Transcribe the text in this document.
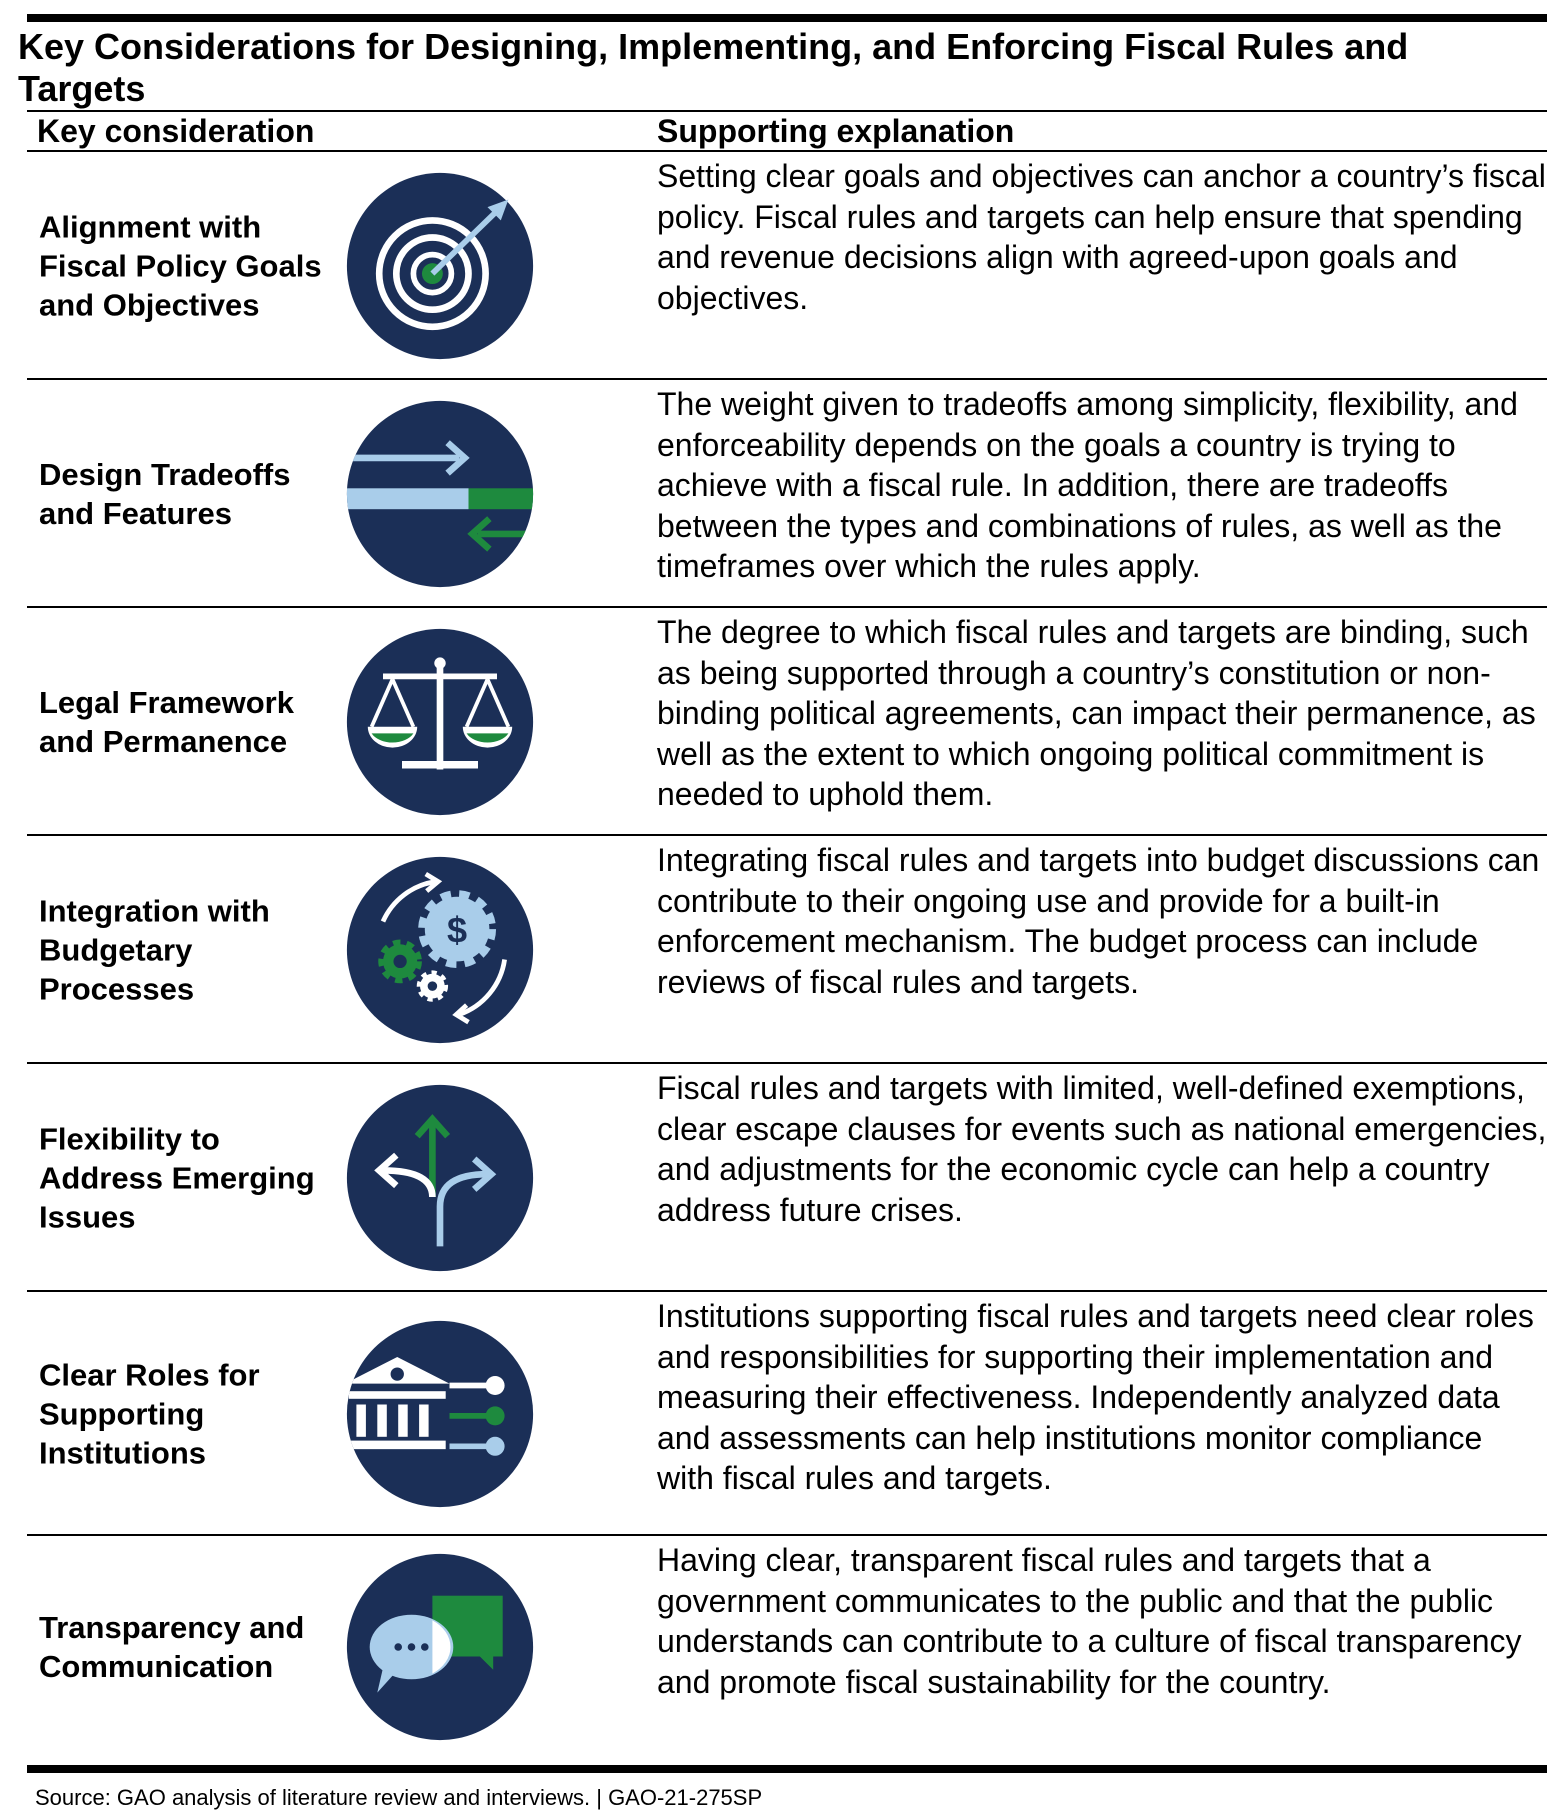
Key Considerations for Designing, Implementing, and Enforcing Fiscal Rules and Targets
Key consideration	Supporting explanation
Alignment with Fiscal Policy Goals and Objectives
Setting clear goals and objectives can anchor a country’s fiscal policy. Fiscal rules and targets can help ensure that spending and revenue decisions align with agreed-upon goals and objectives.
Design Tradeoffs and Features
The weight given to tradeoffs among simplicity, flexibility, and enforceability depends on the goals a country is trying to achieve with a fiscal rule. In addition, there are tradeoffs between the types and combinations of rules, as well as the timeframes over which the rules apply.
Legal Framework and Permanence
The degree to which fiscal rules and targets are binding, such as being supported through a country’s constitution or non-binding political agreements, can impact their permanence, as well as the extent to which ongoing political commitment is needed to uphold them.
Integration with Budgetary Processes
$
Integrating fiscal rules and targets into budget discussions can contribute to their ongoing use and provide for a built-in enforcement mechanism. The budget process can include reviews of fiscal rules and targets.
Flexibility to Address Emerging Issues
Fiscal rules and targets with limited, well-defined exemptions, clear escape clauses for events such as national emergencies, and adjustments for the economic cycle can help a country address future crises.
Clear Roles for Supporting Institutions
Institutions supporting fiscal rules and targets need clear roles and responsibilities for supporting their implementation and measuring their effectiveness. Independently analyzed data and assessments can help institutions monitor compliance with fiscal rules and targets.
Transparency and Communication
Having clear, transparent fiscal rules and targets that a government communicates to the public and that the public understands can contribute to a culture of fiscal transparency and promote fiscal sustainability for the country.
Source: GAO analysis of literature review and interviews. | GAO-21-275SP
